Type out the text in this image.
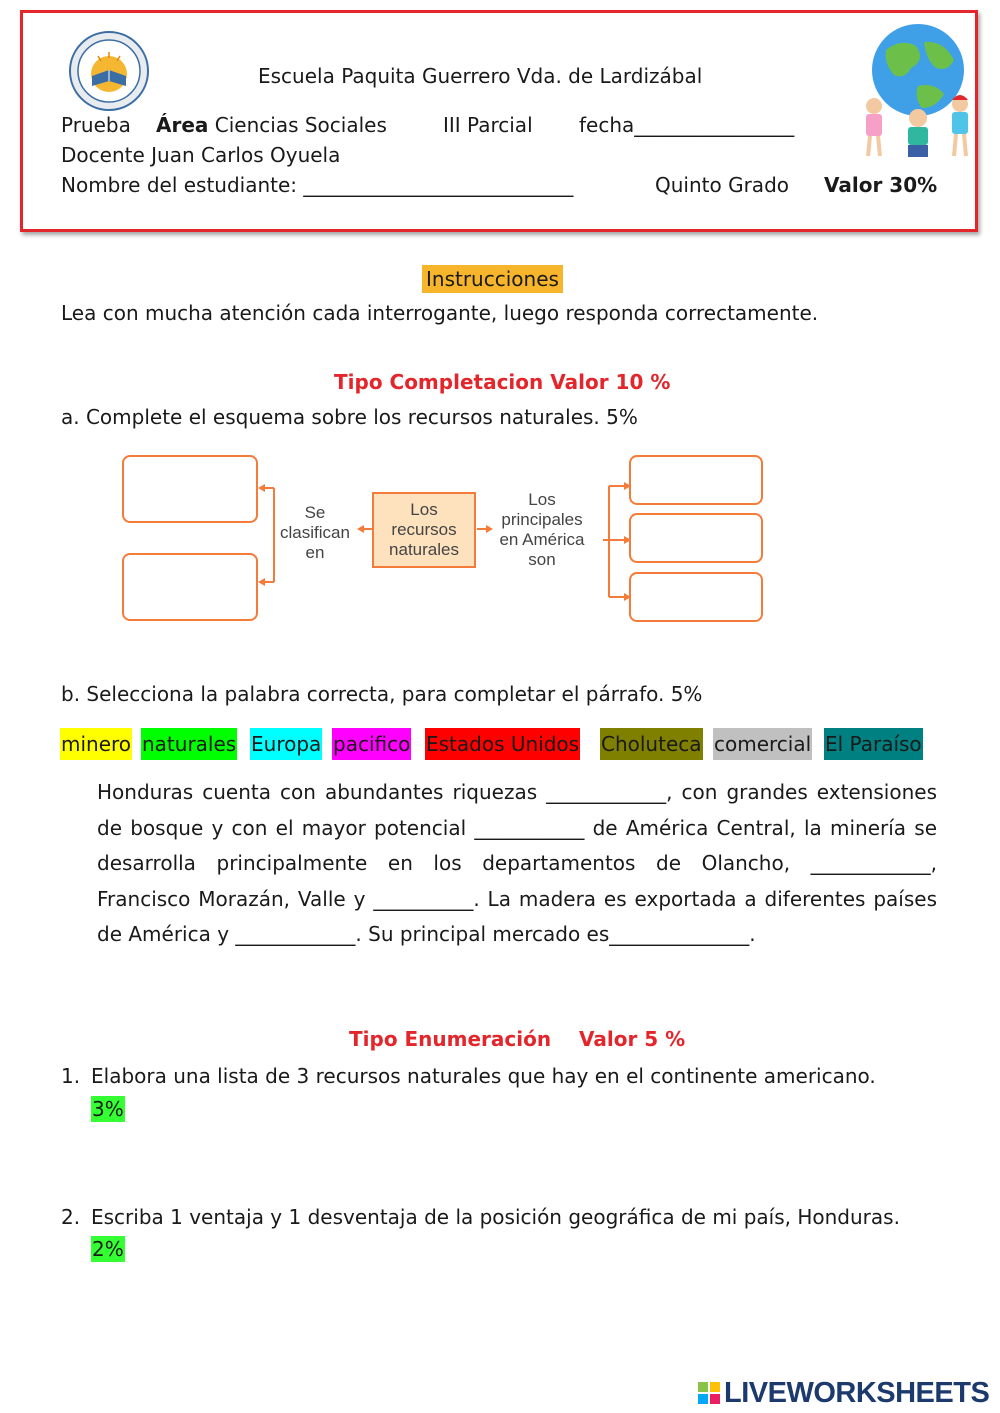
Escuela Paquita Guerrero Vda. de Lardizábal
Prueba Área Ciencias Sociales	III Parcial fecha________________
Docente Juan Carlos Oyuela
Nombre del estudiante: ___________________________	Quinto Grado Valor 30%
Instrucciones
Lea con mucha atención cada interrogante, luego responda correctamente.
Tipo Completacion Valor 10 %
a. Complete el esquema sobre los recursos naturales. 5%
Se
clasifican
en
Los
recursos
naturales
Los
principales
en América
son
b. Selecciona la palabra correcta, para completar el párrafo. 5%
minero naturales Europa pacifico Estados Unidos Choluteca comercial El Paraíso
Honduras cuenta con abundantes riquezas ____________, con grandes extensiones de bosque y con el mayor potencial ___________ de América Central, la minería se desarrolla principalmente en los departamentos de Olancho, ____________, Francisco Morazán, Valle y __________. La madera es exportada a diferentes países de América y ____________. Su principal mercado es______________.
Tipo Enumeración    Valor 5 %
1. Elabora una lista de 3 recursos naturales que hay en el continente americano.
3%
2. Escriba 1 ventaja y 1 desventaja de la posición geográfica de mi país, Honduras.
2%
LIVEWORKSHEETS
